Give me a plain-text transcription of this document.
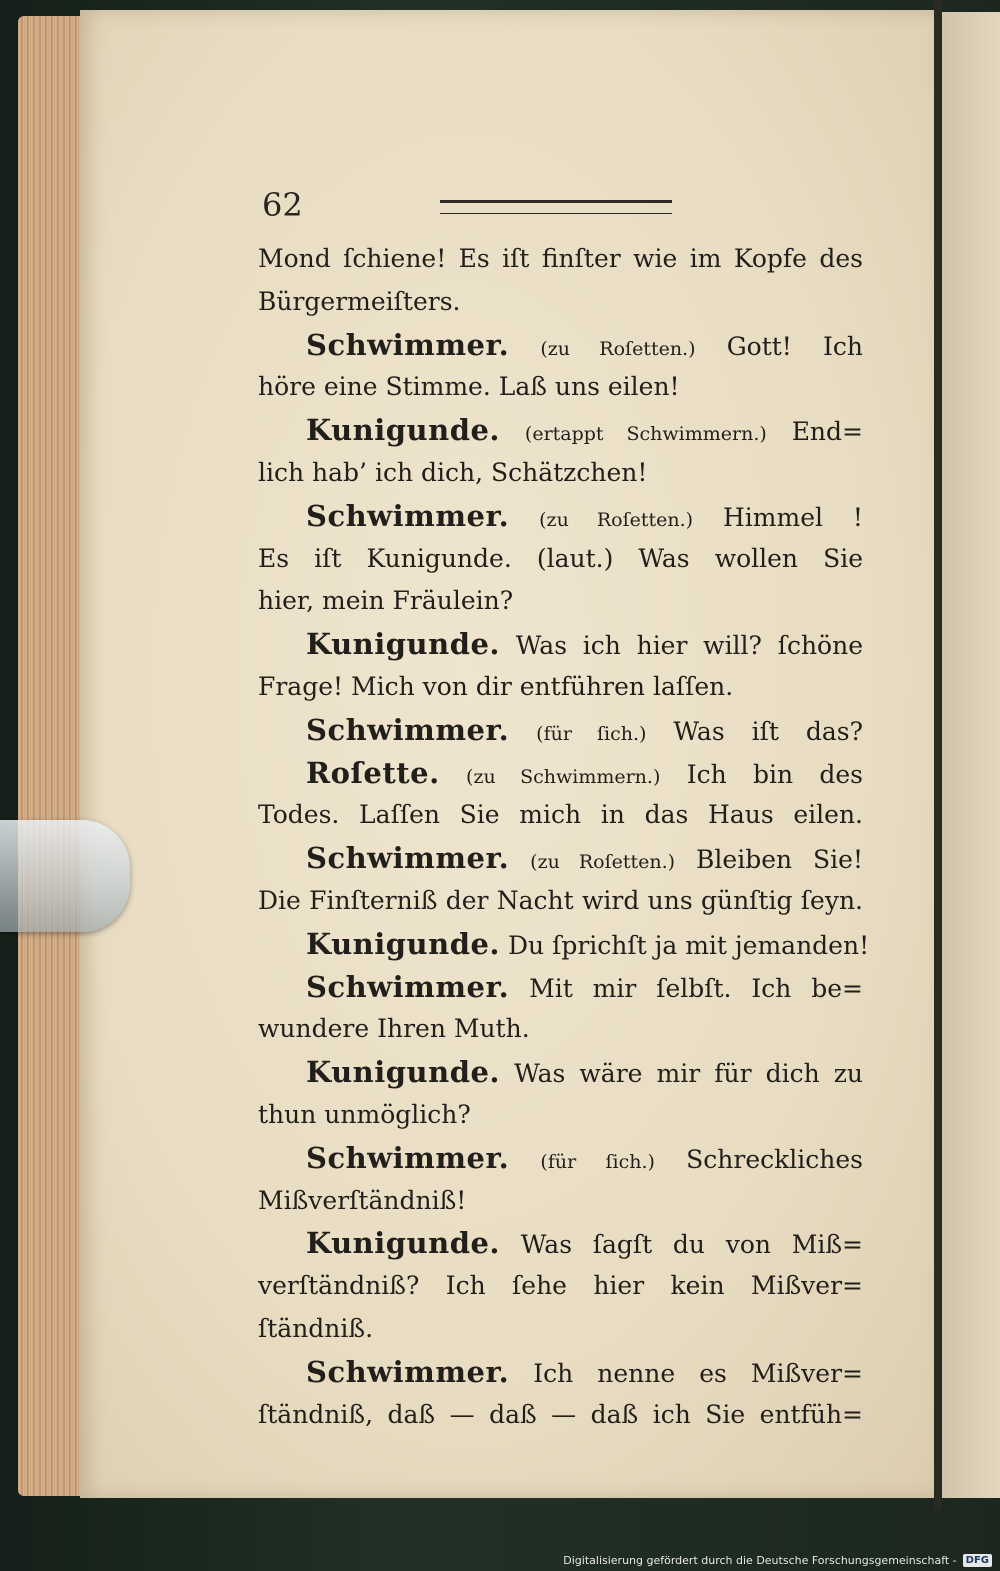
62
Mond ſchiene! Es iſt finſter wie im Kopfe des
Bürgermeiſters.
Schwimmer. (zu Roſetten.) Gott! Ich
höre eine Stimme. Laß uns eilen!
Kunigunde. (ertappt Schwimmern.) End=
lich hab’ ich dich, Schätzchen!
Schwimmer. (zu Roſetten.) Himmel !
Es iſt Kunigunde. (laut.) Was wollen Sie
hier, mein Fräulein?
Kunigunde. Was ich hier will? ſchöne
Frage! Mich von dir entführen laſſen.
Schwimmer. (für ſich.) Was iſt das?
Roſette. (zu Schwimmern.) Ich bin des
Todes. Laſſen Sie mich in das Haus eilen.
Schwimmer. (zu Roſetten.) Bleiben Sie!
Die Finſterniß der Nacht wird uns günſtig ſeyn.
Kunigunde. Du ſprichſt ja mit jemanden!
Schwimmer. Mit mir ſelbſt. Ich be=
wundere Ihren Muth.
Kunigunde. Was wäre mir für dich zu
thun unmöglich?
Schwimmer. (für ſich.) Schreckliches
Mißverſtändniß!
Kunigunde. Was ſagſt du von Miß=
verſtändniß? Ich ſehe hier kein Mißver=
ſtändniß.
Schwimmer. Ich nenne es Mißver=
ſtändniß, daß — daß — daß ich Sie entfüh=
Digitalisierung gefördert durch die Deutsche Forschungsgemeinschaft - DFG
